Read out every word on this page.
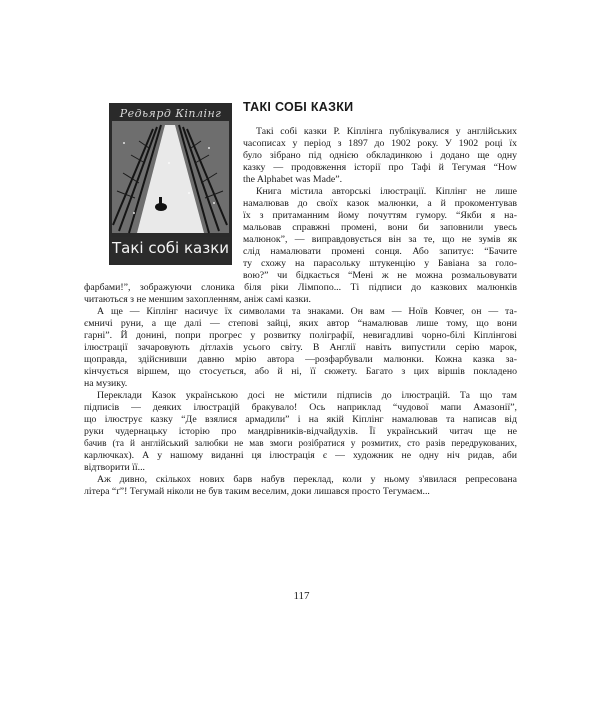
Редьярд Кіплінг
Такі собі казки
ТАКІ СОБІ КАЗКИ
Такі собі казки Р. Кіплінга публікувалися у англійських
часописах у період з 1897 до 1902 року. У 1902 році їх
було зібрано під однією обкладинкою і додано ще одну
казку — продовження історії про Тафі й Тегумая “How
the Alphabet was Made”.
Книга містила авторські ілюстрації. Кіплінг не лише
намалював до своїх казок малюнки, а й прокоментував
їх з притаманним йому почуттям гумору. “Якби я на-
мальовав справжні промені, вони би заповнили увесь
малюнок”, — виправдовується він за те, що не зумів як
слід намалювати промені сонця. Або запитує: “Бачите
ту схожу на парасольку штукенцію у Бавіана за голо-
вою?” чи бідкається “Мені ж не можна розмальовувати
фарбами!”, зображуючи слоника біля ріки Лімпопо... Ті підписи до казкових малюнків
читаються з не меншим захопленням, аніж самі казки.
А ще — Кіплінг насичує їх символами та знаками. Он вам — Ноїв Ковчег, он — та-
ємничі руни, а ще далі — степові зайці, яких автор “намалював лише тому, що вони
гарні”. Й донині, попри прогрес у розвитку поліграфії, невигадливі чорно-білі Кіплінгові
ілюстрації зачаровують дітлахів усього світу. В Англії навіть випустили серію марок,
щоправда, здійснивши давню мрію автора —розфарбували малюнки. Кожна казка за-
кінчується віршем, що стосується, або й ні, її сюжету. Багато з цих віршів покладено
на музику.
Переклади Казок українською досі не містили підписів до ілюстрацій. Та що там
підписів — деяких ілюстрацій бракувало! Ось наприклад “чудової мапи Амазонії”,
що ілюструє казку “Де взялися армадили” і на якій Кіплінг намалював та написав від
руки чудернацьку історію про мандрівників-відчайдухів. Її український читач ще не
бачив (та й англійський залюбки не мав змоги розібратися у розмитих, сто разів передрукованих,
карлючках). А у нашому виданні ця ілюстрація є — художник не одну ніч ридав, аби
відтворити її...
Аж дивно, скількох нових барв набув переклад, коли у ньому з'явилася репресована
літера “ґ”! Тегумай ніколи не був таким веселим, доки лишався просто Тегумаєм...
117
